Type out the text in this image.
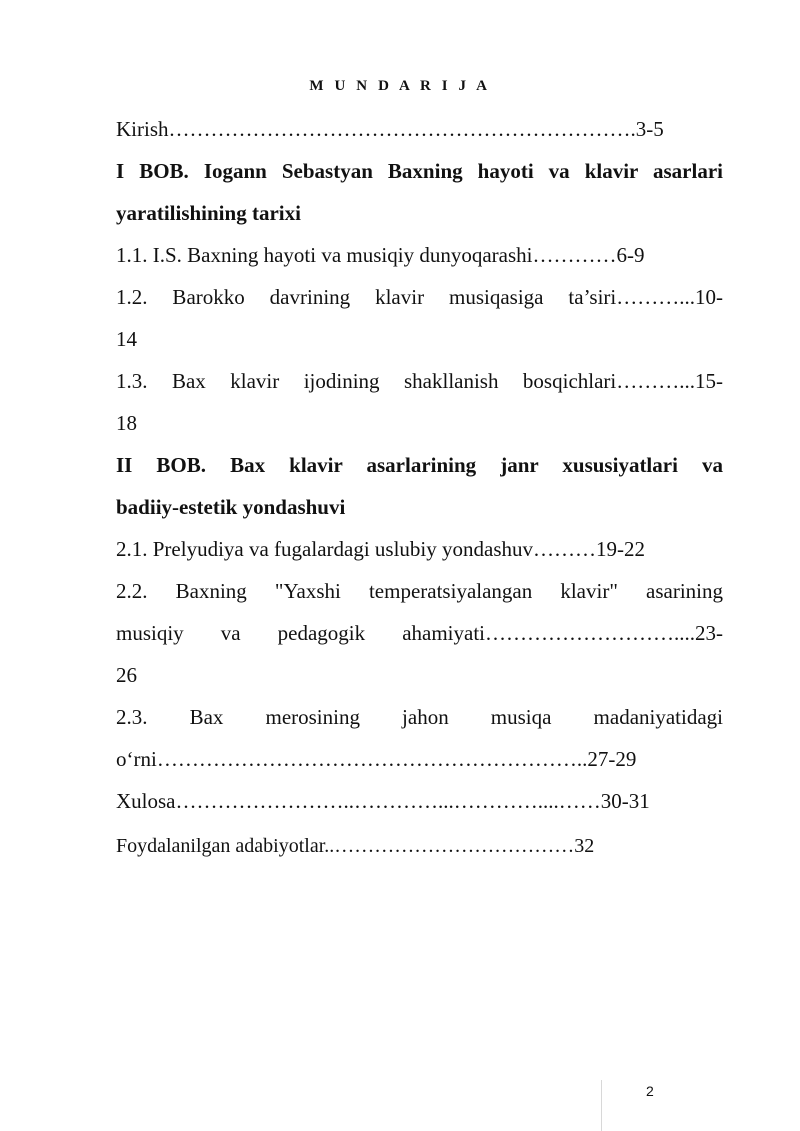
M U N D A R I J A
Kirish………………………………………………………….3-5
I BOB. Iogann Sebastyan Baxning hayoti va klavir asarlari
yaratilishining tarixi
1.1. I.S. Baxning hayoti va musiqiy dunyoqarashi…………6-9
1.2. Barokko davrining klavir musiqasiga ta’siri………...10-
14
1.3. Bax klavir ijodining shakllanish bosqichlari………...15-
18
II BOB. Bax klavir asarlarining janr xususiyatlari va
badiiy-estetik yondashuvi
2.1. Prelyudiya va fugalardagi uslubiy yondashuv………19-22
2.2. Baxning "Yaxshi temperatsiyalangan klavir" asarining
musiqiy va pedagogik ahamiyati………………………....23-
26
2.3. Bax merosining jahon musiqa madaniyatidagi
o‘rni……………………………………………………..27-29
Xulosa……………………..…………...…………....……30-31
Foydalanilgan adabiyotlar..………………………………32
2
